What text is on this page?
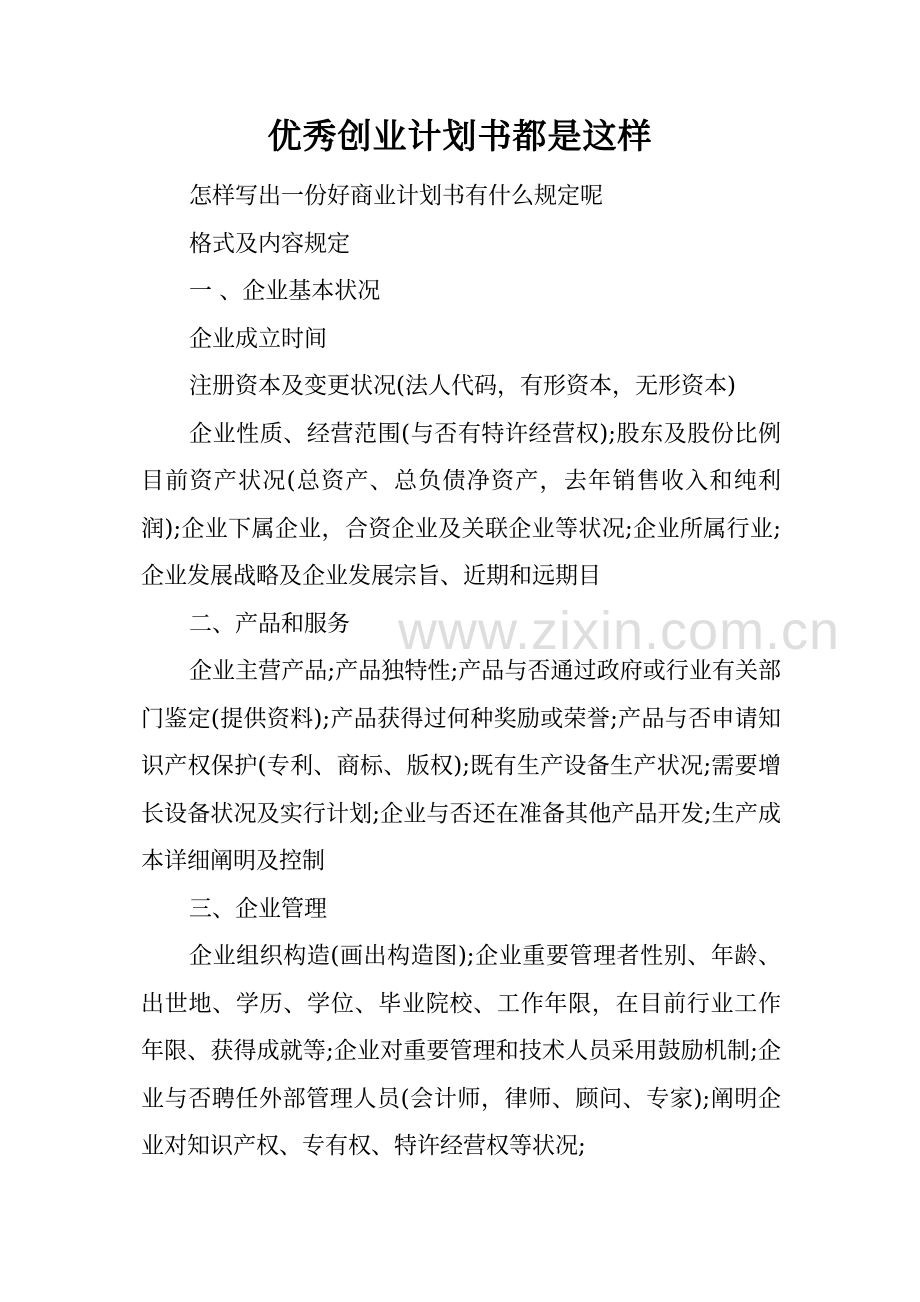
优秀创业计划书都是这样

怎样写出一份好商业计划书有什么规定呢

格式及内容规定

一 、企业基本状况

企业成立时间

注册资本及变更状况(法人代码，有形资本，无形资本)

企业性质、经营范围(与否有特许经营权);股东及股份比例目前资产状况(总资产、总负债净资产，去年销售收入和纯利润);企业下属企业，合资企业及关联企业等状况;企业所属行业;企业发展战略及企业发展宗旨、近期和远期目

二、产品和服务

企业主营产品;产品独特性;产品与否通过政府或行业有关部门鉴定(提供资料);产品获得过何种奖励或荣誉;产品与否申请知识产权保护(专利、商标、版权);既有生产设备生产状况;需要增长设备状况及实行计划;企业与否还在准备其他产品开发;生产成本详细阐明及控制

三、企业管理

企业组织构造(画出构造图);企业重要管理者性别、年龄、出世地、学历、学位、毕业院校、工作年限，在目前行业工作年限、获得成就等;企业对重要管理和技术人员采用鼓励机制;企业与否聘任外部管理人员(会计师，律师、顾问、专家);阐明企业对知识产权、专有权、特许经营权等状况;

www.zixin.com.cn
